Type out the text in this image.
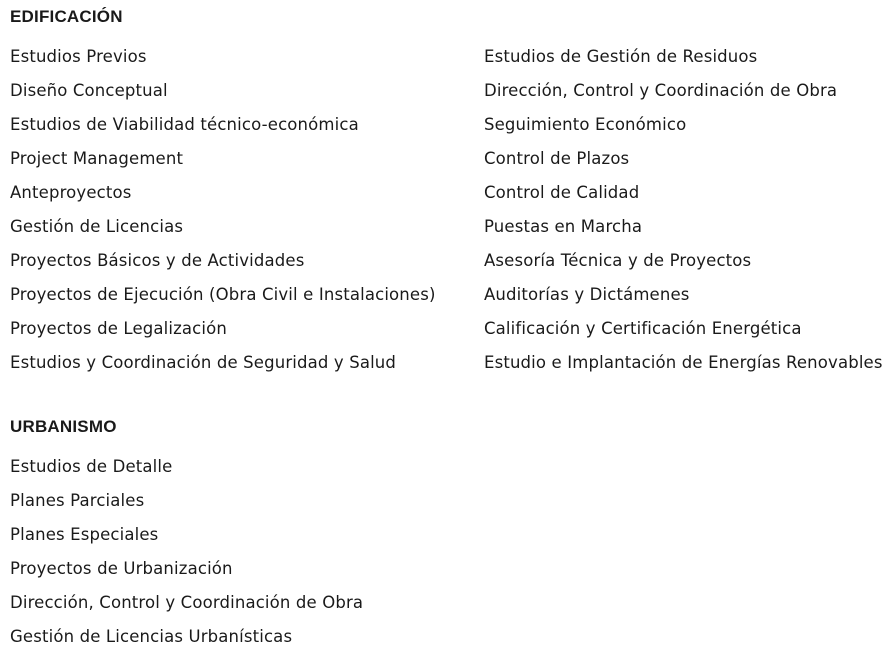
EDIFICACIÓN
Estudios Previos
Diseño Conceptual
Estudios de Viabilidad técnico-económica
Project Management
Anteproyectos
Gestión de Licencias
Proyectos Básicos y de Actividades
Proyectos de Ejecución (Obra Civil e Instalaciones)
Proyectos de Legalización
Estudios y Coordinación de Seguridad y Salud
Estudios de Gestión de Residuos
Dirección, Control y Coordinación de Obra
Seguimiento Económico
Control de Plazos
Control de Calidad
Puestas en Marcha
Asesoría Técnica y de Proyectos
Auditorías y Dictámenes
Calificación y Certificación Energética
Estudio e Implantación de Energías Renovables
URBANISMO
Estudios de Detalle
Planes Parciales
Planes Especiales
Proyectos de Urbanización
Dirección, Control y Coordinación de Obra
Gestión de Licencias Urbanísticas
